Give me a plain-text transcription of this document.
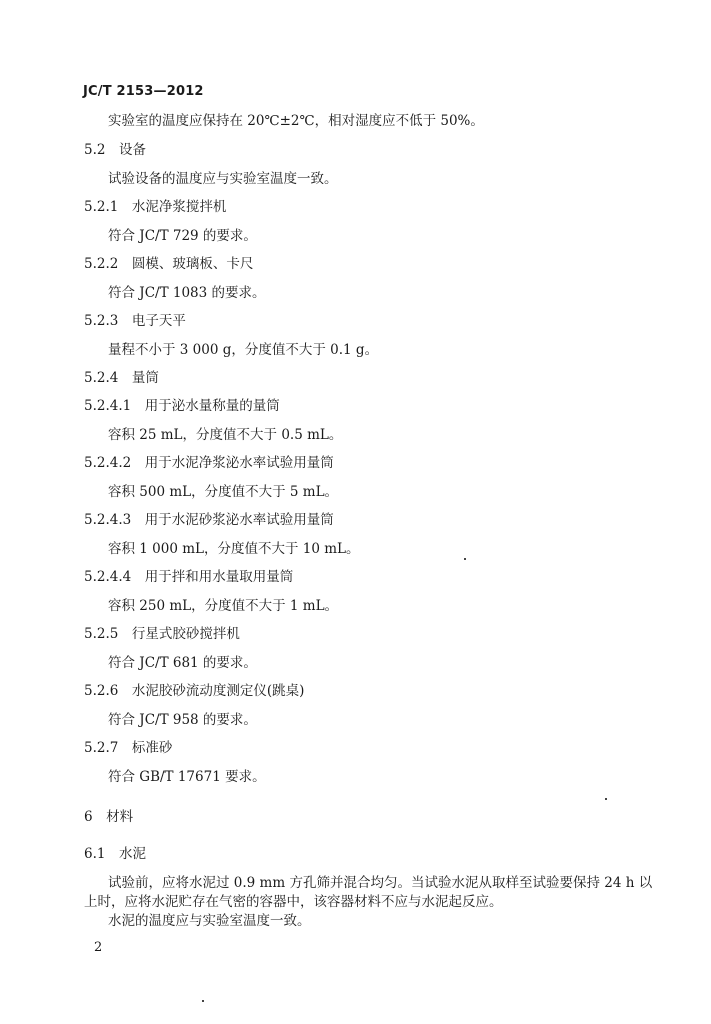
JC/T 2153—2012
实验室的温度应保持在 20℃±2℃，相对湿度应不低于 50%。
5.2　设备
试验设备的温度应与实验室温度一致。
5.2.1　水泥净浆搅拌机
符合 JC/T 729 的要求。
5.2.2　圆模、玻璃板、卡尺
符合 JC/T 1083 的要求。
5.2.3　电子天平
量程不小于 3 000 g，分度值不大于 0.1 g。
5.2.4　量筒
5.2.4.1　用于泌水量称量的量筒
容积 25 mL，分度值不大于 0.5 mL。
5.2.4.2　用于水泥净浆泌水率试验用量筒
容积 500 mL，分度值不大于 5 mL。
5.2.4.3　用于水泥砂浆泌水率试验用量筒
容积 1 000 mL，分度值不大于 10 mL。
5.2.4.4　用于拌和用水量取用量筒
容积 250 mL，分度值不大于 1 mL。
5.2.5　行星式胶砂搅拌机
符合 JC/T 681 的要求。
5.2.6　水泥胶砂流动度测定仪(跳桌)
符合 JC/T 958 的要求。
5.2.7　标准砂
符合 GB/T 17671 要求。
6　材料
6.1　水泥

试验前，应将水泥过 0.9 mm 方孔筛并混合均匀。当试验水泥从取样至试验要保持 24 h 以上时，应将水泥贮存在气密的容器中，该容器材料不应与水泥起反应。

水泥的温度应与实验室温度一致。

2
